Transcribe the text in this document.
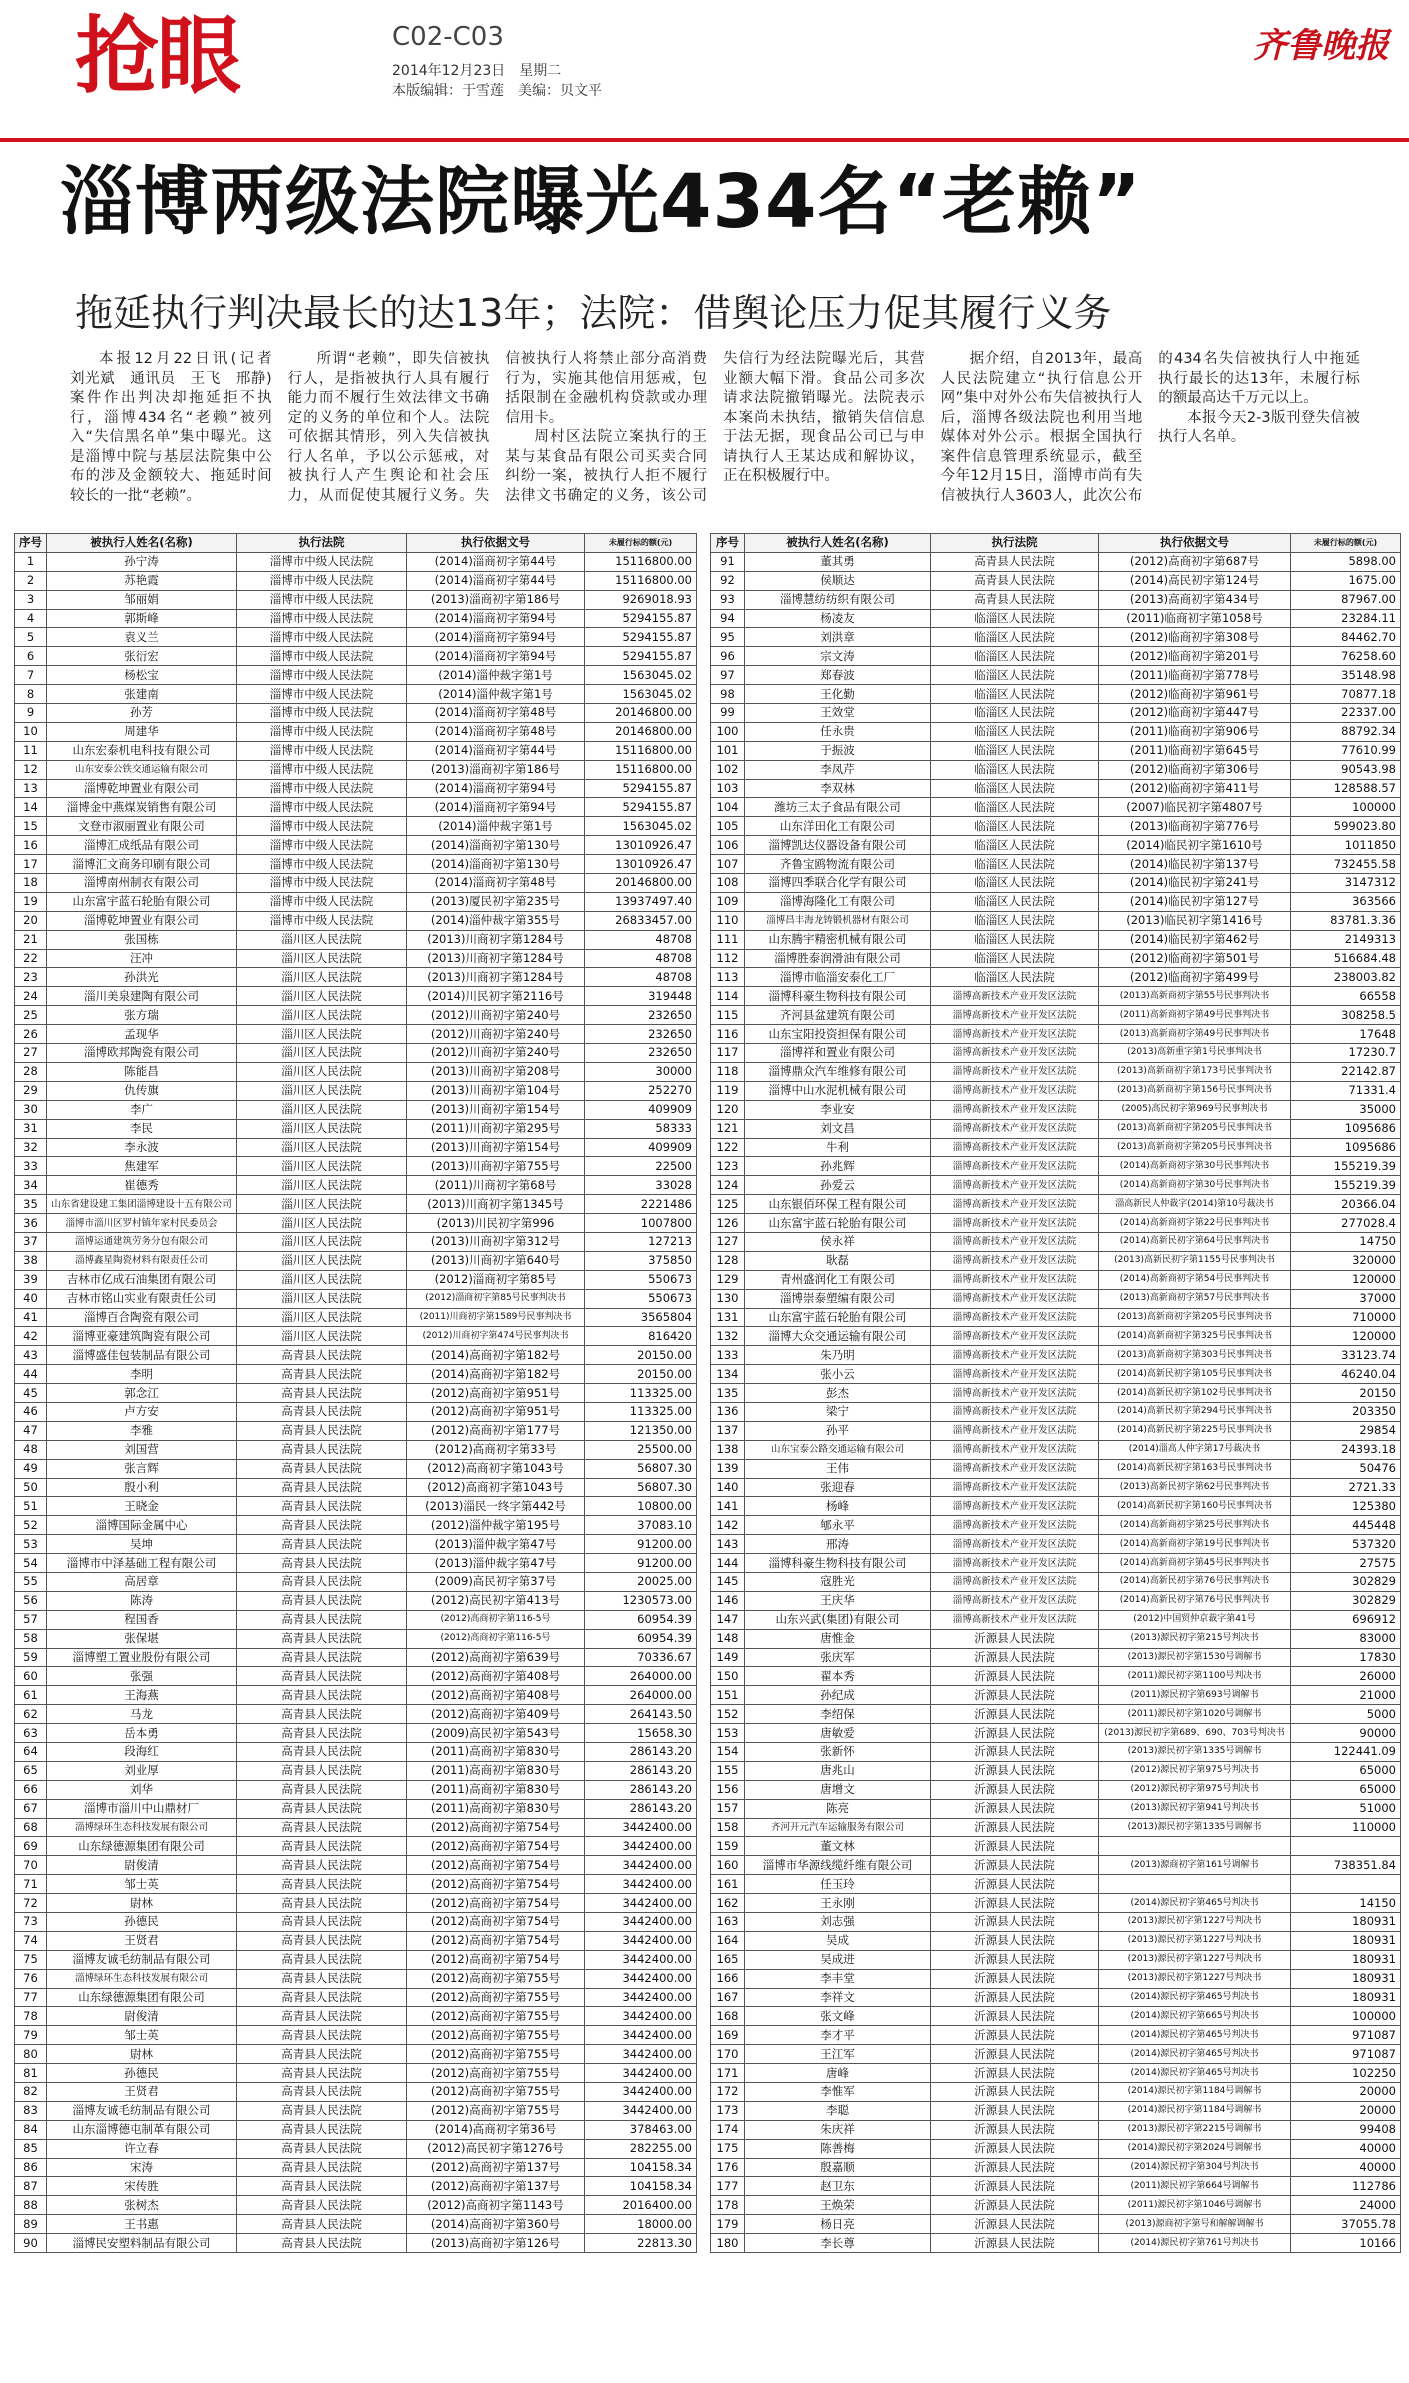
抢眼	C02-C03
2014年12月23日　星期二
本版编辑：于雪莲　美编：贝文平
齐鲁晚报
淄博两级法院曝光434名“老赖”
拖延执行判决最长的达13年；法院：借舆论压力促其履行义务

本报12月22日讯(记者　刘光斌　通讯员　王飞　邢静)　案件作出判决却拖延拒不执行，淄博434名“老赖”被列入“失信黑名单”集中曝光。这是淄博中院与基层法院集中公布的涉及金额较大、拖延时间较长的一批“老赖”。

所谓“老赖”，即失信被执行人，是指被执行人具有履行能力而不履行生效法律文书确定的义务的单位和个人。法院可依据其情形，列入失信被执行人名单，予以公示惩戒，对被执行人产生舆论和社会压力，从而促使其履行义务。失信被执行人将禁止部分高消费行为，实施其他信用惩戒，包括限制在金融机构贷款或办理信用卡。

周村区法院立案执行的王某与某食品有限公司买卖合同纠纷一案，被执行人拒不履行法律文书确定的义务，该公司失信行为经法院曝光后，其营业额大幅下滑。食品公司多次请求法院撤销曝光。法院表示本案尚未执结，撤销失信信息于法无据，现食品公司已与申请执行人王某达成和解协议，正在积极履行中。

据介绍，自2013年，最高人民法院建立“执行信息公开网”集中对外公布失信被执行人后，淄博各级法院也利用当地媒体对外公示。根据全国执行案件信息管理系统显示，截至今年12月15日，淄博市尚有失信被执行人3603人，此次公布的434名失信被执行人中拖延执行最长的达13年，未履行标的额最高达千万元以上。

本报今天2-3版刊登失信被执行人名单。

序号	被执行人姓名(名称)	执行法院	执行依据文号	未履行标的额(元)
1	孙宁涛	淄博市中级人民法院	(2014)淄商初字第44号	15116800.00
2	苏艳霞	淄博市中级人民法院	(2014)淄商初字第44号	15116800.00
3	邹丽娟	淄博市中级人民法院	(2013)淄商初字第186号	9269018.93
4	郭斯峰	淄博市中级人民法院	(2014)淄商初字第94号	5294155.87
5	袁义兰	淄博市中级人民法院	(2014)淄商初字第94号	5294155.87
6	张衍宏	淄博市中级人民法院	(2014)淄商初字第94号	5294155.87
7	杨松宝	淄博市中级人民法院	(2014)淄仲裁字第1号	1563045.02
8	张建南	淄博市中级人民法院	(2014)淄仲裁字第1号	1563045.02
9	孙芳	淄博市中级人民法院	(2014)淄商初字第48号	20146800.00
10	周建华	淄博市中级人民法院	(2014)淄商初字第48号	20146800.00
11	山东宏泰机电科技有限公司	淄博市中级人民法院	(2014)淄商初字第44号	15116800.00
12	山东安泰公铁交通运输有限公司	淄博市中级人民法院	(2013)淄商初字第186号	15116800.00
13	淄博乾坤置业有限公司	淄博市中级人民法院	(2014)淄商初字第94号	5294155.87
14	淄博金中燕煤炭销售有限公司	淄博市中级人民法院	(2014)淄商初字第94号	5294155.87
15	文登市淑丽置业有限公司	淄博市中级人民法院	(2014)淄仲裁字第1号	1563045.02
16	淄博汇成纸品有限公司	淄博市中级人民法院	(2014)淄商初字第130号	13010926.47
17	淄博汇文商务印刷有限公司	淄博市中级人民法院	(2014)淄商初字第130号	13010926.47
18	淄博南州制衣有限公司	淄博市中级人民法院	(2014)淄商初字第48号	20146800.00
19	山东富宇蓝石轮胎有限公司	淄博市中级人民法院	(2013)厦民初字第235号	13937497.40
20	淄博乾坤置业有限公司	淄博市中级人民法院	(2014)淄仲裁字第355号	26833457.00
21	张国栋	淄川区人民法院	(2013)川商初字第1284号	48708
22	汪冲	淄川区人民法院	(2013)川商初字第1284号	48708
23	孙洪光	淄川区人民法院	(2013)川商初字第1284号	48708
24	淄川美泉建陶有限公司	淄川区人民法院	(2014)川民初字第2116号	319448
25	张方瑞	淄川区人民法院	(2012)川商初字第240号	232650
26	孟现华	淄川区人民法院	(2012)川商初字第240号	232650
27	淄博欧邦陶瓷有限公司	淄川区人民法院	(2012)川商初字第240号	232650
28	陈能昌	淄川区人民法院	(2013)川商初字第208号	30000
29	仇传旗	淄川区人民法院	(2013)川商初字第104号	252270
30	李广	淄川区人民法院	(2013)川商初字第154号	409909
31	李民	淄川区人民法院	(2011)川商初字第295号	58333
32	李永波	淄川区人民法院	(2013)川商初字第154号	409909
33	焦建军	淄川区人民法院	(2013)川商初字第755号	22500
34	崔德秀	淄川区人民法院	(2011)川商初字第68号	33028
35	山东省建设建工集团淄博建设十五有限公司	淄川区人民法院	(2013)川商初字第1345号	2221486
36	淄博市淄川区罗村镇年家村民委员会	淄川区人民法院	(2013)川民初字第996	1007800
37	淄博运通建筑劳务分包有限公司	淄川区人民法院	(2013)川商初字第312号	127213
38	淄博鑫星陶瓷材料有限责任公司	淄川区人民法院	(2013)川商初字第640号	375850
39	吉林市亿成石油集团有限公司	淄川区人民法院	(2012)淄商初字第85号	550673
40	吉林市铭山实业有限责任公司	淄川区人民法院	(2012)淄商初字第85号民事判决书	550673
41	淄博百合陶瓷有限公司	淄川区人民法院	(2011)川商初字第1589号民事判决书	3565804
42	淄博亚豪建筑陶瓷有限公司	淄川区人民法院	(2012)川商初字第474号民事判决书	816420
43	淄博盛佳包装制品有限公司	高青县人民法院	(2014)高商初字第182号	20150.00
44	李明	高青县人民法院	(2014)高商初字第182号	20150.00
45	郭念江	高青县人民法院	(2012)高商初字第951号	113325.00
46	卢方安	高青县人民法院	(2012)高商初字第951号	113325.00
47	李雅	高青县人民法院	(2012)高商初字第177号	121350.00
48	刘国营	高青县人民法院	(2012)高商初字第33号	25500.00
49	张言辉	高青县人民法院	(2012)高商初字第1043号	56807.30
50	殷小利	高青县人民法院	(2012)高商初字第1043号	56807.30
51	王晓金	高青县人民法院	(2013)淄民一终字第442号	10800.00
52	淄博国际金属中心	高青县人民法院	(2012)淄仲裁字第195号	37083.10
53	吴坤	高青县人民法院	(2013)淄仲裁字第47号	91200.00
54	淄博市中泽基础工程有限公司	高青县人民法院	(2013)淄仲裁字第47号	91200.00
55	高居章	高青县人民法院	(2009)高民初字第37号	20025.00
56	陈涛	高青县人民法院	(2012)高民初字第413号	1230573.00
57	程国香	高青县人民法院	(2012)高商初字第116-5号	60954.39
58	张保堪	高青县人民法院	(2012)高商初字第116-5号	60954.39
59	淄博塑工置业股份有限公司	高青县人民法院	(2012)高商初字第639号	70336.67
60	张强	高青县人民法院	(2012)高商初字第408号	264000.00
61	王海燕	高青县人民法院	(2012)高商初字第408号	264000.00
62	马龙	高青县人民法院	(2012)高商初字第409号	264143.50
63	岳本勇	高青县人民法院	(2009)高民初字第543号	15658.30
64	段海红	高青县人民法院	(2011)高商初字第830号	286143.20
65	刘业厚	高青县人民法院	(2011)高商初字第830号	286143.20
66	刘华	高青县人民法院	(2011)高商初字第830号	286143.20
67	淄博市淄川中山鼎材厂	高青县人民法院	(2011)高商初字第830号	286143.20
68	淄博绿环生态科技发展有限公司	高青县人民法院	(2012)高商初字第754号	3442400.00
69	山东绿德源集团有限公司	高青县人民法院	(2012)高商初字第754号	3442400.00
70	尉俊清	高青县人民法院	(2012)高商初字第754号	3442400.00
71	邹士英	高青县人民法院	(2012)高商初字第754号	3442400.00
72	尉林	高青县人民法院	(2012)高商初字第754号	3442400.00
73	孙德民	高青县人民法院	(2012)高商初字第754号	3442400.00
74	王贤君	高青县人民法院	(2012)高商初字第754号	3442400.00
75	淄博友诚毛纺制品有限公司	高青县人民法院	(2012)高商初字第754号	3442400.00
76	淄博绿环生态科技发展有限公司	高青县人民法院	(2012)高商初字第755号	3442400.00
77	山东绿德源集团有限公司	高青县人民法院	(2012)高商初字第755号	3442400.00
78	尉俊清	高青县人民法院	(2012)高商初字第755号	3442400.00
79	邹士英	高青县人民法院	(2012)高商初字第755号	3442400.00
80	尉林	高青县人民法院	(2012)高商初字第755号	3442400.00
81	孙德民	高青县人民法院	(2012)高商初字第755号	3442400.00
82	王贤君	高青县人民法院	(2012)高商初字第755号	3442400.00
83	淄博友诚毛纺制品有限公司	高青县人民法院	(2012)高商初字第755号	3442400.00
84	山东淄博德屯制革有限公司	高青县人民法院	(2014)高商初字第36号	378463.00
85	许立春	高青县人民法院	(2012)高民初字第1276号	282255.00
86	宋涛	高青县人民法院	(2012)高商初字第137号	104158.34
87	宋传胜	高青县人民法院	(2012)高商初字第137号	104158.34
88	张树杰	高青县人民法院	(2012)高商初字第1143号	2016400.00
89	王书惠	高青县人民法院	(2014)高商初字第360号	18000.00
90	淄博民安塑料制品有限公司	高青县人民法院	(2013)高商初字第126号	22813.30
序号	被执行人姓名(名称)	执行法院	执行依据文号	未履行标的额(元)
91	董其勇	高青县人民法院	(2012)高商初字第687号	5898.00
92	侯顺达	高青县人民法院	(2014)高民初字第124号	1675.00
93	淄博慧纺纺织有限公司	高青县人民法院	(2013)高商初字第434号	87967.00
94	杨凌友	临淄区人民法院	(2011)临商初字第1058号	23284.11
95	刘洪章	临淄区人民法院	(2012)临商初字第308号	84462.70
96	宗文涛	临淄区人民法院	(2012)临商初字第201号	76258.60
97	郑春波	临淄区人民法院	(2011)临商初字第778号	35148.98
98	王化勤	临淄区人民法院	(2012)临商初字第961号	70877.18
99	王效堂	临淄区人民法院	(2012)临商初字第447号	22337.00
100	任永贵	临淄区人民法院	(2011)临商初字第906号	88792.34
101	于振波	临淄区人民法院	(2011)临商初字第645号	77610.99
102	李凤芹	临淄区人民法院	(2012)临商初字第306号	90543.98
103	李双林	临淄区人民法院	(2012)临商初字第411号	128588.57
104	潍坊三太子食品有限公司	临淄区人民法院	(2007)临民初字第4807号	100000
105	山东洋田化工有限公司	临淄区人民法院	(2013)临商初字第776号	599023.80
106	淄博凯达仪器设备有限公司	临淄区人民法院	(2014)临民初字第1610号	1011850
107	齐鲁宝鸥物流有限公司	临淄区人民法院	(2014)临民初字第137号	732455.58
108	淄博四季联合化学有限公司	临淄区人民法院	(2014)临民初字第241号	3147312
109	淄博海隆化工有限公司	临淄区人民法院	(2014)临民初字第127号	363566
110	淄博昌丰海龙铸锻机器材有限公司	临淄区人民法院	(2013)临民初字第1416号	83781.3.36
111	山东腾宇精密机械有限公司	临淄区人民法院	(2014)临民初字第462号	2149313
112	淄博胜泰润滑油有限公司	临淄区人民法院	(2012)临商初字第501号	516684.48
113	淄博市临淄安泰化工厂	临淄区人民法院	(2012)临商初字第499号	238003.82
114	淄博科豪生物科技有限公司	淄博高新技术产业开发区法院	(2013)高新商初字第55号民事判决书	66558
115	齐河县盆建筑有限公司	淄博高新技术产业开发区法院	(2011)高新商初字第49号民事判决书	308258.5
116	山东宝阳投资担保有限公司	淄博高新技术产业开发区法院	(2013)高新商初字第49号民事判决书	17648
117	淄博祥和置业有限公司	淄博高新技术产业开发区法院	(2013)高新重字第1号民事判决书	17230.7
118	淄博鼎众汽车维修有限公司	淄博高新技术产业开发区法院	(2013)高新商初字第173号民事判决书	22142.87
119	淄博中山水泥机械有限公司	淄博高新技术产业开发区法院	(2013)高新商初字第156号民事判决书	71331.4
120	李业安	淄博高新技术产业开发区法院	(2005)高民初字第969号民事判决书	35000
121	刘文昌	淄博高新技术产业开发区法院	(2013)高新商初字第205号民事判决书	1095686
122	牛利	淄博高新技术产业开发区法院	(2013)高新商初字第205号民事判决书	1095686
123	孙兆辉	淄博高新技术产业开发区法院	(2014)高新商初字第30号民事判决书	155219.39
124	孙爱云	淄博高新技术产业开发区法院	(2014)高新商初字第30号民事判决书	155219.39
125	山东银佰环保工程有限公司	淄博高新技术产业开发区法院	淄高新民人仲裁字(2014)第10号裁决书	20366.04
126	山东富宇蓝石轮胎有限公司	淄博高新技术产业开发区法院	(2014)高新商初字第22号民事判决书	277028.4
127	侯永祥	淄博高新技术产业开发区法院	(2014)高新民初字第64号民事判决书	14750
128	耿磊	淄博高新技术产业开发区法院	(2013)高新民初字第1155号民事判决书	320000
129	青州盛润化工有限公司	淄博高新技术产业开发区法院	(2014)高新商初字第54号民事判决书	120000
130	淄博崇泰塑编有限公司	淄博高新技术产业开发区法院	(2013)高新商初字第57号民事判决书	37000
131	山东富宇蓝石轮胎有限公司	淄博高新技术产业开发区法院	(2013)高新商初字第205号民事判决书	710000
132	淄博大众交通运输有限公司	淄博高新技术产业开发区法院	(2014)高新商初字第325号民事判决书	120000
133	朱乃明	淄博高新技术产业开发区法院	(2013)高新商初字第303号民事判决书	33123.74
134	张小云	淄博高新技术产业开发区法院	(2014)高新民初字第105号民事判决书	46240.04
135	彭杰	淄博高新技术产业开发区法院	(2014)高新民初字第102号民事判决书	20150
136	梁宁	淄博高新技术产业开发区法院	(2014)高新民初字第294号民事判决书	203350
137	孙平	淄博高新技术产业开发区法院	(2014)高新民初字第225号民事判决书	29854
138	山东宝泰公路交通运输有限公司	淄博高新技术产业开发区法院	(2014)淄高人仲字第17号裁决书	24393.18
139	王伟	淄博高新技术产业开发区法院	(2014)高新民初字第163号民事判决书	50476
140	张迎春	淄博高新技术产业开发区法院	(2013)高新民初字第62号民事判决书	2721.33
141	杨峰	淄博高新技术产业开发区法院	(2014)高新民初字第160号民事判决书	125380
142	郇永平	淄博高新技术产业开发区法院	(2014)高新商初字第25号民事判决书	445448
143	邢涛	淄博高新技术产业开发区法院	(2014)高新商初字第19号民事判决书	537320
144	淄博科豪生物科技有限公司	淄博高新技术产业开发区法院	(2014)高新商初字第45号民事判决书	27575
145	寇胜光	淄博高新技术产业开发区法院	(2014)高新民初字第76号民事判决书	302829
146	王庆华	淄博高新技术产业开发区法院	(2014)高新民初字第76号民事判决书	302829
147	山东兴武(集团)有限公司	淄博高新技术产业开发区法院	(2012)中国贸仲京裁字第41号	696912
148	唐惟金	沂源县人民法院	(2013)源民初字第215号判决书	83000
149	张庆军	沂源县人民法院	(2013)源民初字第1530号调解书	17830
150	翟本秀	沂源县人民法院	(2011)源民初字第1100号判决书	26000
151	孙纪成	沂源县人民法院	(2011)源民初字第693号调解书	21000
152	李绍保	沂源县人民法院	(2011)源民初字第1020号调解书	5000
153	唐敏爱	沂源县人民法院	(2013)源民初字第689、690、703号判决书	90000
154	张新怀	沂源县人民法院	(2013)源民初字第1335号调解书	122441.09
155	唐兆山	沂源县人民法院	(2012)源民初字第975号判决书	65000
156	唐增文	沂源县人民法院	(2012)源民初字第975号判决书	65000
157	陈亮	沂源县人民法院	(2013)源民初字第941号判决书	51000
158	齐河开元汽车运输服务有限公司	沂源县人民法院	(2013)源民初字第1335号调解书	110000
159	董文林	沂源县人民法院		
160	淄博市华源线缆纤维有限公司	沂源县人民法院	(2013)源商初字第161号调解书	738351.84
161	任玉玲	沂源县人民法院		
162	王永刚	沂源县人民法院	(2014)源民初字第465号判决书	14150
163	刘志强	沂源县人民法院	(2013)源民初字第1227号判决书	180931
164	吴成	沂源县人民法院	(2013)源民初字第1227号判决书	180931
165	吴成进	沂源县人民法院	(2013)源民初字第1227号判决书	180931
166	李丰堂	沂源县人民法院	(2013)源民初字第1227号判决书	180931
167	李祥文	沂源县人民法院	(2014)源民初字第465号判决书	180931
168	张文峰	沂源县人民法院	(2014)源民初字第665号判决书	100000
169	李才平	沂源县人民法院	(2014)源民初字第465号判决书	971087
170	王江军	沂源县人民法院	(2014)源民初字第465号判决书	971087
171	唐峰	沂源县人民法院	(2014)源民初字第465号判决书	102250
172	李惟军	沂源县人民法院	(2014)源民初字第1184号调解书	20000
173	李聪	沂源县人民法院	(2014)源民初字第1184号调解书	20000
174	朱庆祥	沂源县人民法院	(2013)源民初字第2215号调解书	99408
175	陈善梅	沂源县人民法院	(2014)源民初字第2024号调解书	40000
176	殷嘉顺	沂源县人民法院	(2014)源民初字第304号判决书	40000
177	赵卫东	沂源县人民法院	(2011)源民初字第664号调解书	112786
178	王焕荣	沂源县人民法院	(2011)源民初字第1046号调解书	24000
179	杨日亮	沂源县人民法院	(2013)源商初字第号和解解调解书	37055.78
180	李长尊	沂源县人民法院	(2014)源民初字第761号判决书	10166
